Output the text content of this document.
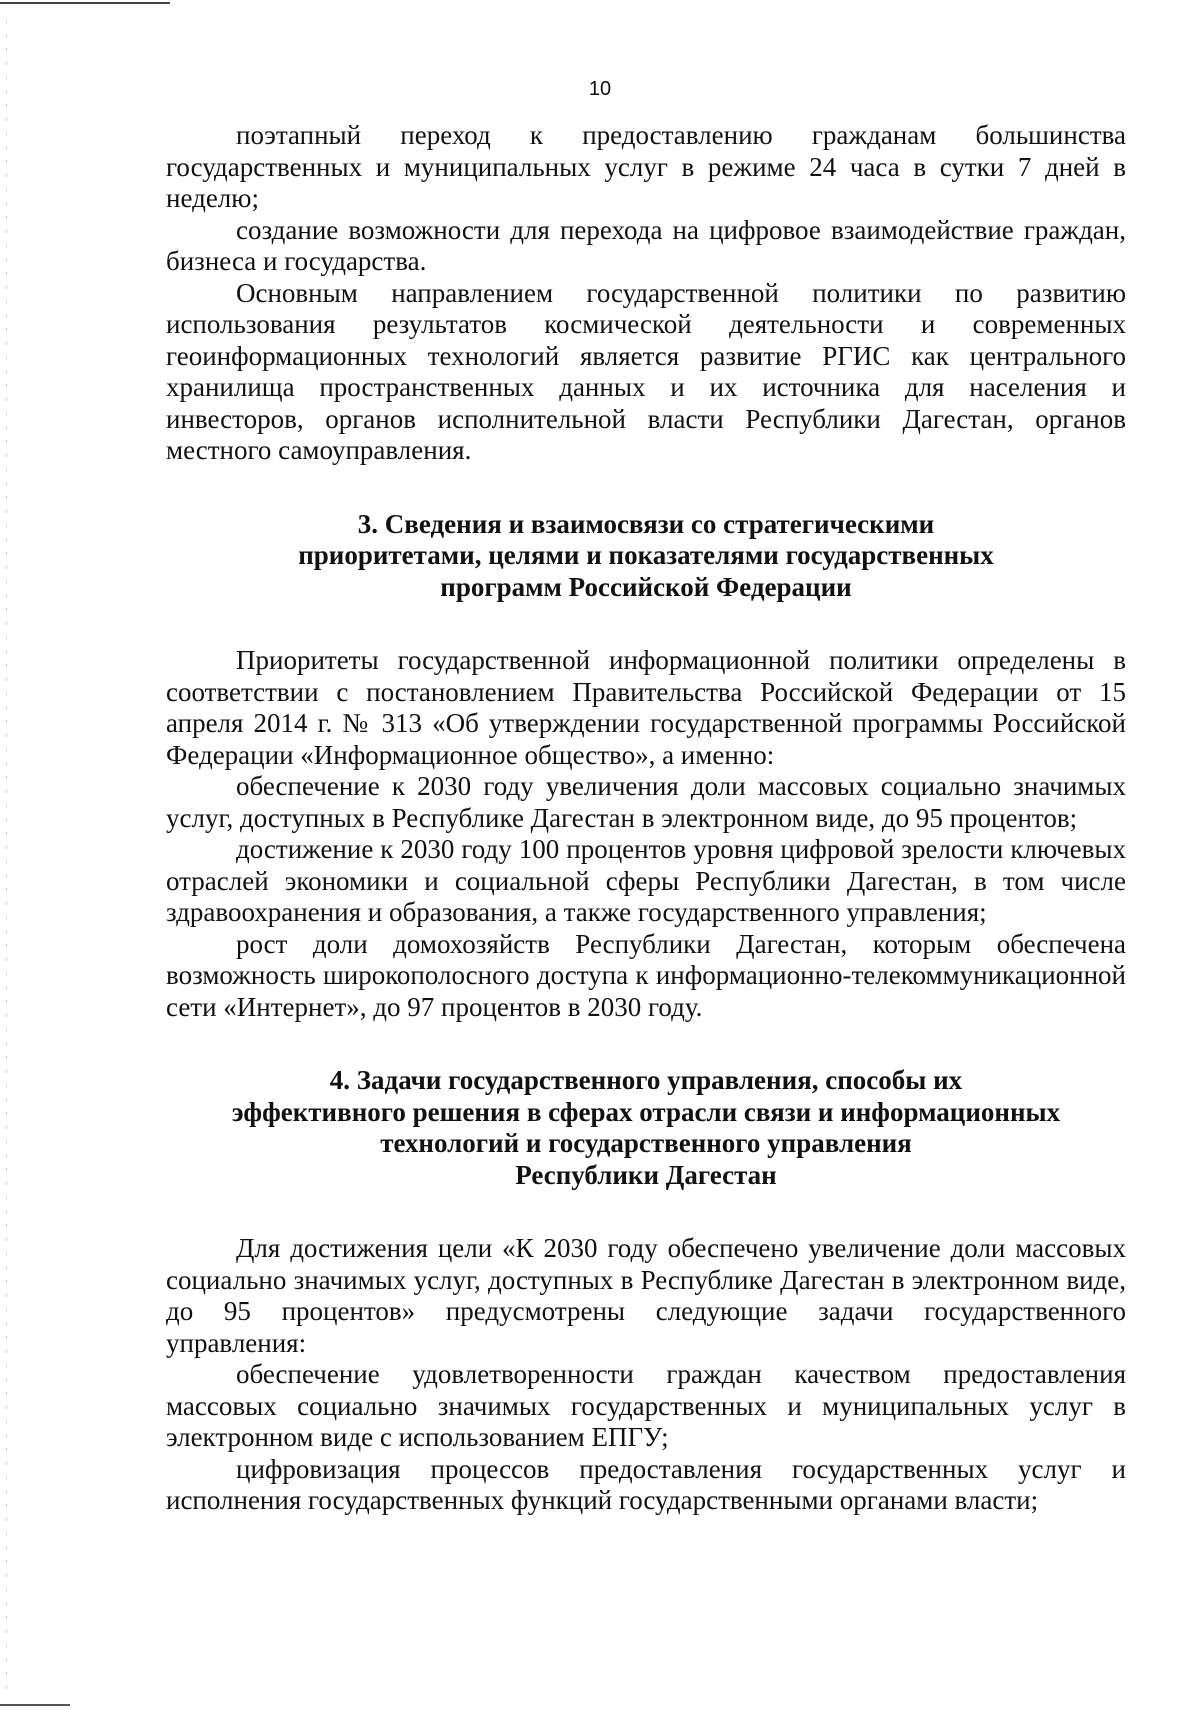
10

поэтапный переход к предоставлению гражданам большинства государственных и муниципальных услуг в режиме 24 часа в сутки 7 дней в неделю;

создание возможности для перехода на цифровое взаимодействие граждан, бизнеса и государства.

Основным направлением государственной политики по развитию использования результатов космической деятельности и современных геоинформационных технологий является развитие РГИС как центрального хранилища пространственных данных и их источника для населения и инвесторов, органов исполнительной власти Республики Дагестан, органов местного самоуправления.

3. Сведения и взаимосвязи со стратегическими
приоритетами, целями и показателями государственных
программ Российской Федерации

Приоритеты государственной информационной политики определены в соответствии с постановлением Правительства Российской Федерации от 15 апреля 2014 г. № 313 «Об утверждении государственной программы Российской Федерации «Информационное общество», а именно:

обеспечение к 2030 году увеличения доли массовых социально значимых услуг, доступных в Республике Дагестан в электронном виде, до 95 процентов;

достижение к 2030 году 100 процентов уровня цифровой зрелости ключевых отраслей экономики и социальной сферы Республики Дагестан, в том числе здравоохранения и образования, а также государственного управления;

рост доли домохозяйств Республики Дагестан, которым обеспечена возможность широкополосного доступа к информационно-телекоммуникационной сети «Интернет», до 97 процентов в 2030 году.

4. Задачи государственного управления, способы их
эффективного решения в сферах отрасли связи и информационных
технологий и государственного управления
Республики Дагестан

Для достижения цели «К 2030 году обеспечено увеличение доли массовых социально значимых услуг, доступных в Республике Дагестан в электронном виде, до 95 процентов» предусмотрены следующие задачи государственного управления:

обеспечение удовлетворенности граждан качеством предоставления массовых социально значимых государственных и муниципальных услуг в электронном виде с использованием ЕПГУ;

цифровизация процессов предоставления государственных услуг и исполнения государственных функций государственными органами власти;
